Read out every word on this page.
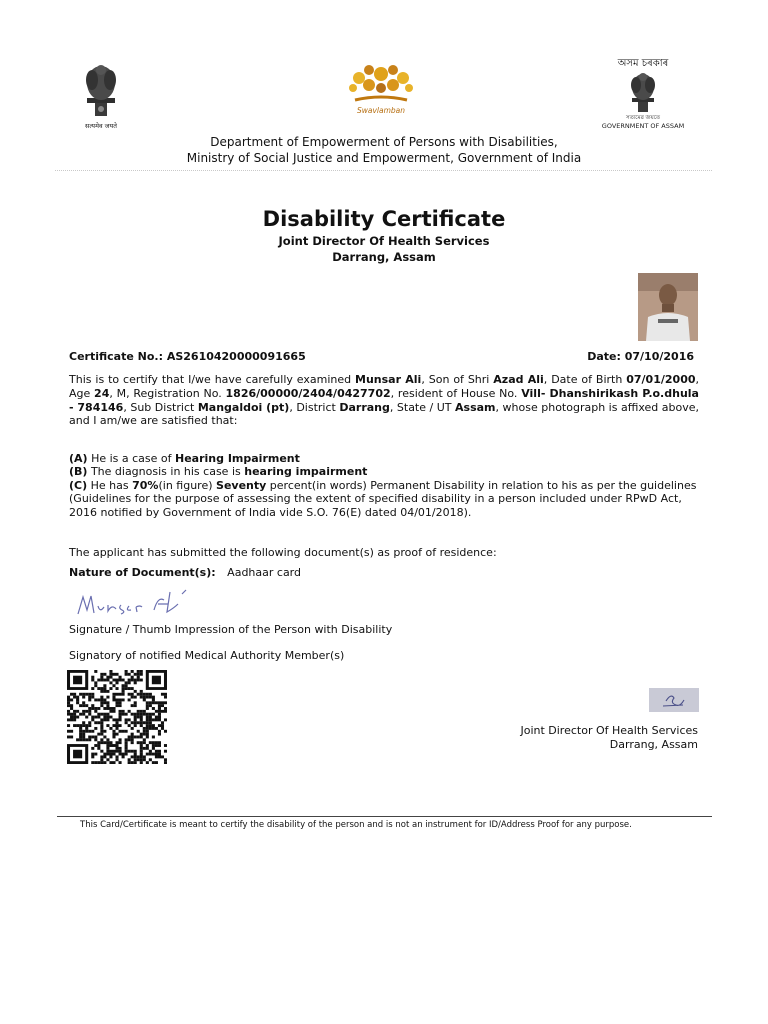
सत्यमेव जयते
Swavlamban
অসম চৰকাৰ
সত্যমেৱ জয়তে
GOVERNMENT OF ASSAM
Department of Empowerment of Persons with Disabilities,
Ministry of Social Justice and Empowerment, Government of India
Disability Certificate
Joint Director Of Health Services
Darrang, Assam
Certificate No.: AS2610420000091665	Date: 07/10/2016
This is to certify that I/we have carefully examined Munsar Ali, Son of Shri Azad Ali, Date of Birth 07/01/2000, Age 24, M, Registration No. 1826/00000/2404/0427702, resident of House No. Vill- Dhanshirikash P.o.dhula - 784146, Sub District Mangaldoi (pt), District Darrang, State / UT Assam, whose photograph is affixed above, and I am/we are satisfied that:
(A) He is a case of Hearing Impairment
(B) The diagnosis in his case is hearing impairment
(C) He has 70%(in figure) Seventy percent(in words) Permanent Disability in relation to his as per the guidelines (Guidelines for the purpose of assessing the extent of specified disability in a person included under RPwD Act, 2016 notified by Government of India vide S.O. 76(E) dated 04/01/2018).
The applicant has submitted the following document(s) as proof of residence:
Nature of Document(s): Aadhaar card
Signature / Thumb Impression of the Person with Disability
Signatory of notified Medical Authority Member(s)
Joint Director Of Health Services
Darrang, Assam
This Card/Certificate is meant to certify the disability of the person and is not an instrument for ID/Address Proof for any purpose.
